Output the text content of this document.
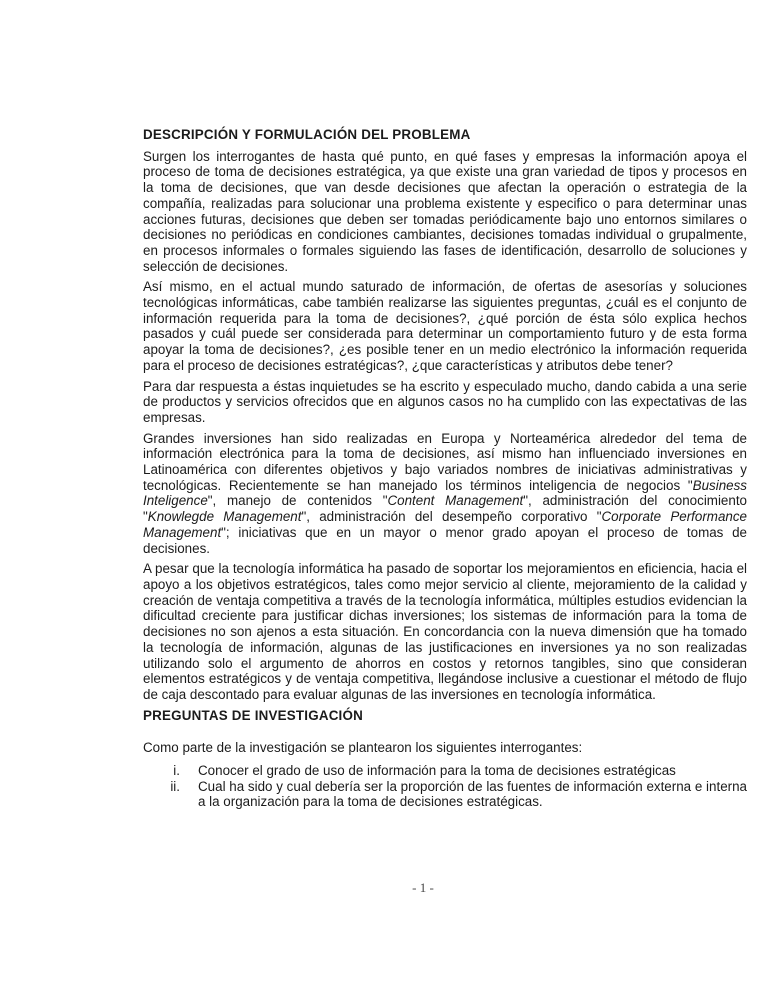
DESCRIPCIÓN Y FORMULACIÓN DEL PROBLEMA

Surgen los interrogantes de hasta qué punto, en qué fases y empresas la información apoya el proceso de toma de decisiones estratégica, ya que existe una gran variedad de tipos y procesos en la toma de decisiones, que van desde decisiones que afectan la operación o estrategia de la compañía, realizadas para solucionar una problema existente y especifico o para determinar unas acciones futuras, decisiones que deben ser tomadas periódicamente bajo uno entornos similares o decisiones no periódicas en condiciones cambiantes, decisiones tomadas individual o grupalmente, en procesos informales o formales siguiendo las fases de identificación, desarrollo de soluciones y selección de decisiones.

Así mismo, en el actual mundo saturado de información, de ofertas de asesorías y soluciones tecnológicas informáticas, cabe también realizarse las siguientes preguntas, ¿cuál es el conjunto de información requerida para la toma de decisiones?, ¿qué porción de ésta sólo explica hechos pasados y cuál puede ser considerada para determinar un comportamiento futuro y de esta forma apoyar la toma de decisiones?, ¿es posible tener en un medio electrónico la información requerida para el proceso de decisiones estratégicas?, ¿que características y atributos debe tener?

Para dar respuesta a éstas inquietudes se ha escrito y especulado mucho, dando cabida a una serie de productos y servicios ofrecidos que en algunos casos no ha cumplido con las expectativas de las empresas.

Grandes inversiones han sido realizadas en Europa y Norteamérica alrededor del tema de información electrónica para la toma de decisiones, así mismo han influenciado inversiones en Latinoamérica con diferentes objetivos y bajo variados nombres de iniciativas administrativas y tecnológicas. Recientemente se han manejado los términos inteligencia de negocios "Business Inteligence", manejo de contenidos "Content Management", administración del conocimiento "Knowlegde Management", administración del desempeño corporativo "Corporate Performance Management"; iniciativas que en un mayor o menor grado apoyan el proceso de tomas de decisiones.

A pesar que la tecnología informática ha pasado de soportar los mejoramientos en eficiencia, hacia el apoyo a los objetivos estratégicos, tales como mejor servicio al cliente, mejoramiento de la calidad y creación de ventaja competitiva a través de la tecnología informática, múltiples estudios evidencian la dificultad creciente para justificar dichas inversiones; los sistemas de información para la toma de decisiones no son ajenos a esta situación. En concordancia con la nueva dimensión que ha tomado la tecnología de información, algunas de las justificaciones en inversiones ya no son realizadas utilizando solo el argumento de ahorros en costos y retornos tangibles, sino que consideran elementos estratégicos y de ventaja competitiva, llegándose inclusive a cuestionar el método de flujo de caja descontado para evaluar algunas de las inversiones en tecnología informática.

PREGUNTAS DE INVESTIGACIÓN

Como parte de la investigación se plantearon los siguientes interrogantes:

i. Conocer el grado de uso de información para la toma de decisiones estratégicas
ii. Cual ha sido y cual debería ser la proporción de las fuentes de información externa e interna a la organización para la toma de decisiones estratégicas.
- 1 -
